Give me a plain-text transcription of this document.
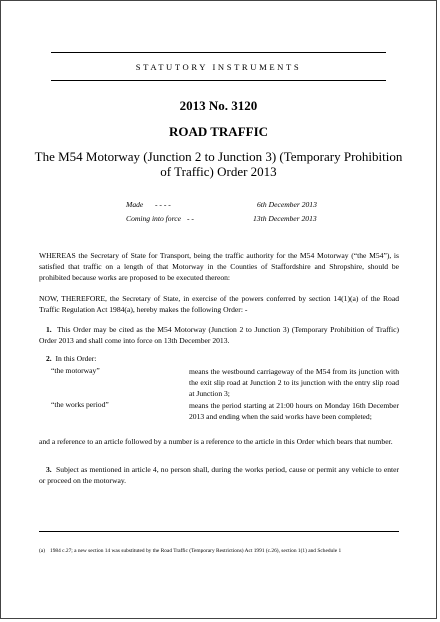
STATUTORY INSTRUMENTS
2013 No. 3120
ROAD TRAFFIC
The M54 Motorway (Junction 2 to Junction 3) (Temporary Prohibition of Traffic) Order 2013
Made - - - -	6th December 2013
Coming into force - -	13th December 2013
WHEREAS the Secretary of State for Transport, being the traffic authority for the M54 Motorway (“the M54”), is satisfied that traffic on a length of that Motorway in the Counties of Staffordshire and Shropshire, should be prohibited because works are proposed to be executed thereon:
NOW, THEREFORE, the Secretary of State, in exercise of the powers conferred by section 14(1)(a) of the Road Traffic Regulation Act 1984(a), hereby makes the following Order: -
1. This Order may be cited as the M54 Motorway (Junction 2 to Junction 3) (Temporary Prohibition of Traffic) Order 2013 and shall come into force on 13th December 2013.
2. In this Order:
“the motorway”	means the westbound carriageway of the M54 from its junction with the exit slip road at Junction 2 to its junction with the entry slip road at Junction 3;
“the works period”	means the period starting at 21:00 hours on Monday 16th December 2013 and ending when the said works have been completed;
and a reference to an article followed by a number is a reference to the article in this Order which bears that number.
3. Subject as mentioned in article 4, no person shall, during the works period, cause or permit any vehicle to enter or proceed on the motorway.
(a) 1984 c.27; a new section 14 was substituted by the Road Traffic (Temporary Restrictions) Act 1991 (c.26), section 1(1) and Schedule 1
